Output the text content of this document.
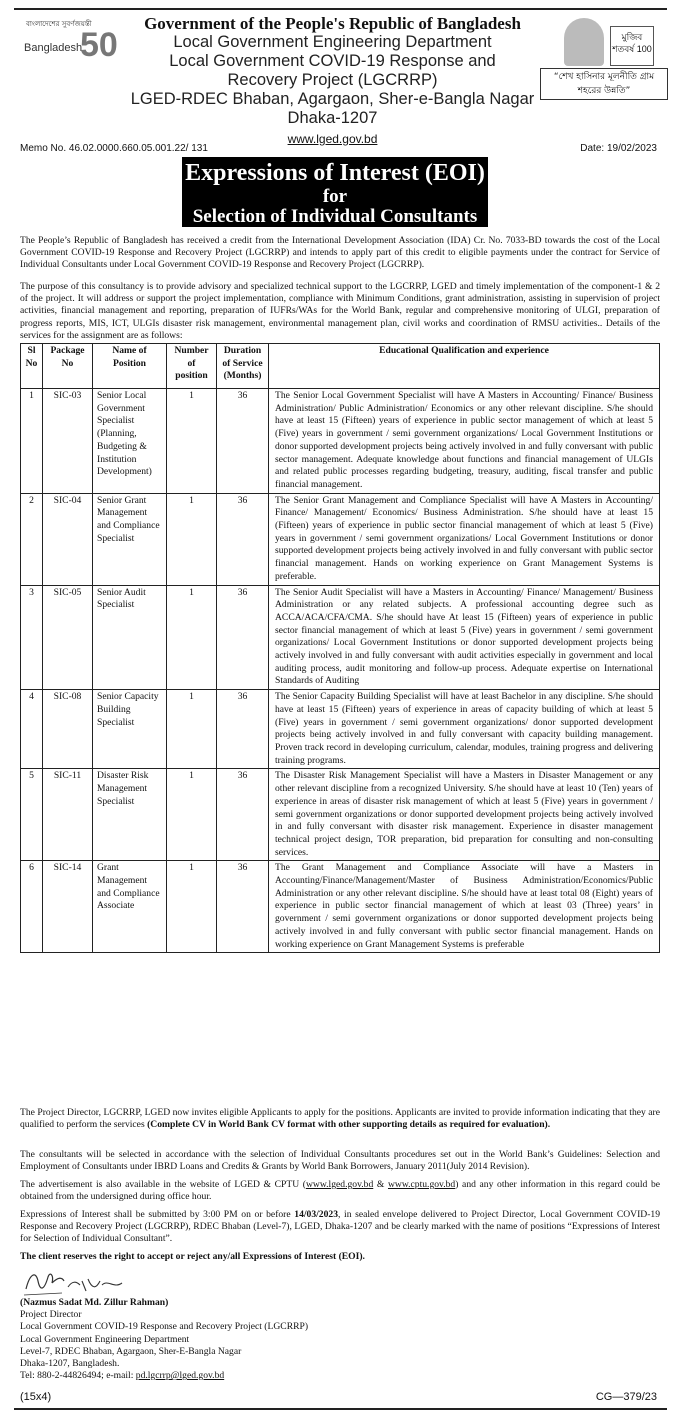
বাংলাদেশের সুবর্ণজয়ন্তী
Bangladesh
50
Government of the People's Republic of Bangladesh
Local Government Engineering Department
Local Government COVID-19 Response and
Recovery Project (LGCRRP)
LGED-RDEC Bhaban, Agargaon, Sher-e-Bangla Nagar
Dhaka-1207
www.lged.gov.bd
মুজিব শতবর্ষ 100
“শেখ হাসিনার মূলনীতি গ্রাম শহরের উন্নতি”
Memo No. 46.02.0000.660.05.001.22/ 131	Date: 19/02/2023
Expressions of Interest (EOI)
for
Selection of Individual Consultants
The People’s Republic of Bangladesh has received a credit from the International Development Association (IDA) Cr. No. 7033-BD towards the cost of the Local Government COVID-19 Response and Recovery Project (LGCRRP) and intends to apply part of this credit to eligible payments under the contract for Service of Individual Consultants under Local Government COVID-19 Response and Recovery Project (LGCRRP).
The purpose of this consultancy is to provide advisory and specialized technical support to the LGCRRP, LGED and timely implementation of the component-1 & 2 of the project. It will address or support the project implementation, compliance with Minimum Conditions, grant administration, assisting in supervision of project activities, financial management and reporting, preparation of IUFRs/WAs for the World Bank, regular and comprehensive monitoring of ULGI, preparation of progress reports, MIS, ICT, ULGIs disaster risk management, environmental management plan, civil works and coordination of RMSU activities.. Details of the services for the assignment are as follows:
Sl No	Package No	Name of Position	Number of position	Duration of Service (Months)	Educational Qualification and experience
1	SIC-03	Senior Local Government Specialist (Planning, Budgeting & Institution Development)	1	36	The Senior Local Government Specialist will have A Masters in Accounting/ Finance/ Business Administration/ Public Administration/ Economics or any other relevant discipline. S/he should have at least 15 (Fifteen) years of experience in public sector management of which at least 5 (Five) years in government / semi government organizations/ Local Government Institutions or donor supported development projects being actively involved in and fully conversant with public sector management. Adequate knowledge about functions and financial management of ULGIs and related public processes regarding budgeting, treasury, auditing, fiscal transfer and public financial management.
2	SIC-04	Senior Grant Management and Compliance Specialist	1	36	The Senior Grant Management and Compliance Specialist will have A Masters in Accounting/ Finance/ Management/ Economics/ Business Administration. S/he should have at least 15 (Fifteen) years of experience in public sector financial management of which at least 5 (Five) years in government / semi government organizations/ Local Government Institutions or donor supported development projects being actively involved in and fully conversant with public sector financial management. Hands on working experience on Grant Management Systems is preferable.
3	SIC-05	Senior Audit Specialist	1	36	The Senior Audit Specialist will have a Masters in Accounting/ Finance/ Management/ Business Administration or any related subjects. A professional accounting degree such as ACCA/ACA/CFA/CMA. S/he should have At least 15 (Fifteen) years of experience in public sector financial management of which at least 5 (Five) years in government / semi government organizations/ Local Government Institutions or donor supported development projects being actively involved in and fully conversant with audit activities especially in government and local auditing process, audit monitoring and follow-up process. Adequate expertise on International Standards of Auditing
4	SIC-08	Senior Capacity Building Specialist	1	36	The Senior Capacity Building Specialist will have at least Bachelor in any discipline. S/he should have at least 15 (Fifteen) years of experience in areas of capacity building of which at least 5 (Five) years in government / semi government organizations/ donor supported development projects being actively involved in and fully conversant with capacity building management. Proven track record in developing curriculum, calendar, modules, training progress and delivering training programs.
5	SIC-11	Disaster Risk Management Specialist	1	36	The Disaster Risk Management Specialist will have a Masters in Disaster Management or any other relevant discipline from a recognized University. S/he should have at least 10 (Ten) years of experience in areas of disaster risk management of which at least 5 (Five) years in government / semi government organizations or donor supported development projects being actively involved in and fully conversant with disaster risk management. Experience in disaster management technical project design, TOR preparation, bid preparation for consulting and non-consulting services.
6	SIC-14	Grant Management and Compliance Associate	1	36	The Grant Management and Compliance Associate will have a Masters in Accounting/Finance/Management/Master of Business Administration/Economics/Public Administration or any other relevant discipline. S/he should have at least total 08 (Eight) years of experience in public sector financial management of which at least 03 (Three) years’ in government / semi government organizations or donor supported development projects being actively involved in and fully conversant with public sector financial management. Hands on working experience on Grant Management Systems is preferable
The Project Director, LGCRRP, LGED now invites eligible Applicants to apply for the positions. Applicants are invited to provide information indicating that they are qualified to perform the services (Complete CV in World Bank CV format with other supporting details as required for evaluation).
The consultants will be selected in accordance with the selection of Individual Consultants procedures set out in the World Bank’s Guidelines: Selection and Employment of Consultants under IBRD Loans and Credits & Grants by World Bank Borrowers, January 2011(July 2014 Revision).
The advertisement is also available in the website of LGED & CPTU (www.lged.gov.bd & www.cptu.gov.bd) and any other information in this regard could be obtained from the undersigned during office hour.
Expressions of Interest shall be submitted by 3:00 PM on or before 14/03/2023, in sealed envelope delivered to Project Director, Local Government COVID-19 Response and Recovery Project (LGCRRP), RDEC Bhaban (Level-7), LGED, Dhaka-1207 and be clearly marked with the name of positions “Expressions of Interest for Selection of Individual Consultant”.
The client reserves the right to accept or reject any/all Expressions of Interest (EOI).
(Nazmus Sadat Md. Zillur Rahman)
Project Director
Local Government COVID-19 Response and Recovery Project (LGCRRP)
Local Government Engineering Department
Level-7, RDEC Bhaban, Agargaon, Sher-E-Bangla Nagar
Dhaka-1207, Bangladesh.
Tel: 880-2-44826494; e-mail: pd.lgcrrp@lged.gov.bd
(15x4)	CG—379/23
